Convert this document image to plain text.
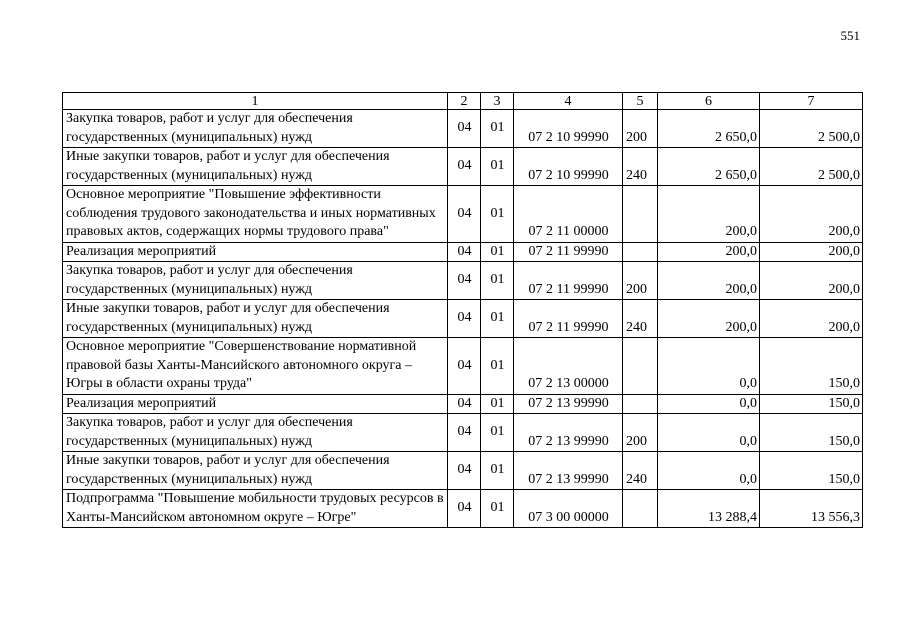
551
1	2	3	4	5	6	7
Закупка товаров, работ и услуг для обеспечения государственных (муниципальных) нужд	04	01	07 2 10 99990	200	2 650,0	2 500,0
Иные закупки товаров, работ и услуг для обеспечения государственных (муниципальных) нужд	04	01	07 2 10 99990	240	2 650,0	2 500,0
Основное мероприятие "Повышение эффективности соблюдения трудового законодательства и иных нормативных правовых актов, содержащих нормы трудового права"	04	01	07 2 11 00000		200,0	200,0
Реализация мероприятий	04	01	07 2 11 99990		200,0	200,0
Закупка товаров, работ и услуг для обеспечения государственных (муниципальных) нужд	04	01	07 2 11 99990	200	200,0	200,0
Иные закупки товаров, работ и услуг для обеспечения государственных (муниципальных) нужд	04	01	07 2 11 99990	240	200,0	200,0
Основное мероприятие "Совершенствование нормативной правовой базы Ханты-Мансийского автономного округа – Югры в области охраны труда"	04	01	07 2 13 00000		0,0	150,0
Реализация мероприятий	04	01	07 2 13 99990		0,0	150,0
Закупка товаров, работ и услуг для обеспечения государственных (муниципальных) нужд	04	01	07 2 13 99990	200	0,0	150,0
Иные закупки товаров, работ и услуг для обеспечения государственных (муниципальных) нужд	04	01	07 2 13 99990	240	0,0	150,0
Подпрограмма "Повышение мобильности трудовых ресурсов в Ханты-Мансийском автономном округе – Югре"	04	01	07 3 00 00000		13 288,4	13 556,3
